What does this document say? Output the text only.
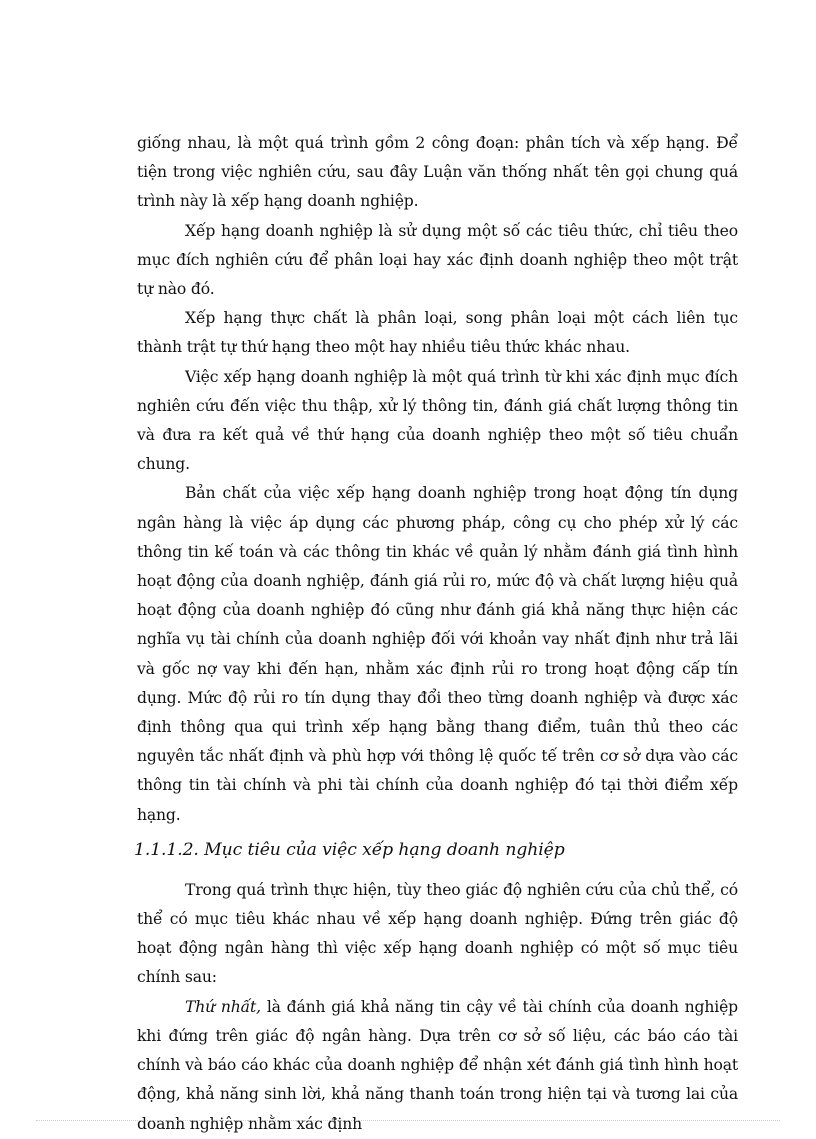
giống nhau, là một quá trình gồm 2 công đoạn: phân tích và xếp hạng. Để tiện trong việc nghiên cứu, sau đây Luận văn thống nhất tên gọi chung quá trình này là xếp hạng doanh nghiệp.

Xếp hạng doanh nghiệp là sử dụng một số các tiêu thức, chỉ tiêu theo mục đích nghiên cứu để phân loại hay xác định doanh nghiệp theo một trật tự nào đó.

Xếp hạng thực chất là phân loại, song phân loại một cách liên tục thành trật tự thứ hạng theo một hay nhiều tiêu thức khác nhau.

Việc xếp hạng doanh nghiệp là một quá trình từ khi xác định mục đích nghiên cứu đến việc thu thập, xử lý thông tin, đánh giá chất lượng thông tin và đưa ra kết quả về thứ hạng của doanh nghiệp theo một số tiêu chuẩn chung.

Bản chất của việc xếp hạng doanh nghiệp trong hoạt động tín dụng ngân hàng là việc áp dụng các phương pháp, công cụ cho phép xử lý các thông tin kế toán và các thông tin khác về quản lý nhằm đánh giá tình hình hoạt động của doanh nghiệp, đánh giá rủi ro, mức độ và chất lượng hiệu quả hoạt động của doanh nghiệp đó cũng như đánh giá khả năng thực hiện các nghĩa vụ tài chính của doanh nghiệp đối với khoản vay nhất định như trả lãi và gốc nợ vay khi đến hạn, nhằm xác định rủi ro trong hoạt động cấp tín dụng. Mức độ rủi ro tín dụng thay đổi theo từng doanh nghiệp và được xác định thông qua qui trình xếp hạng bằng thang điểm, tuân thủ theo các nguyên tắc nhất định và phù hợp với thông lệ quốc tế trên cơ sở dựa vào các thông tin tài chính và phi tài chính của doanh nghiệp đó tại thời điểm xếp hạng.

1.1.1.2. Mục tiêu của việc xếp hạng doanh nghiệp

Trong quá trình thực hiện, tùy theo giác độ nghiên cứu của chủ thể, có thể có mục tiêu khác nhau về xếp hạng doanh nghiệp. Đứng trên giác độ hoạt động ngân hàng thì việc xếp hạng doanh nghiệp có một số mục tiêu chính sau:

Thứ nhất, là đánh giá khả năng tin cậy về tài chính của doanh nghiệp khi đứng trên giác độ ngân hàng. Dựa trên cơ sở số liệu, các báo cáo tài chính và báo cáo khác của doanh nghiệp để nhận xét đánh giá tình hình hoạt động, khả năng sinh lời, khả năng thanh toán trong hiện tại và tương lai của doanh nghiệp nhằm xác định
